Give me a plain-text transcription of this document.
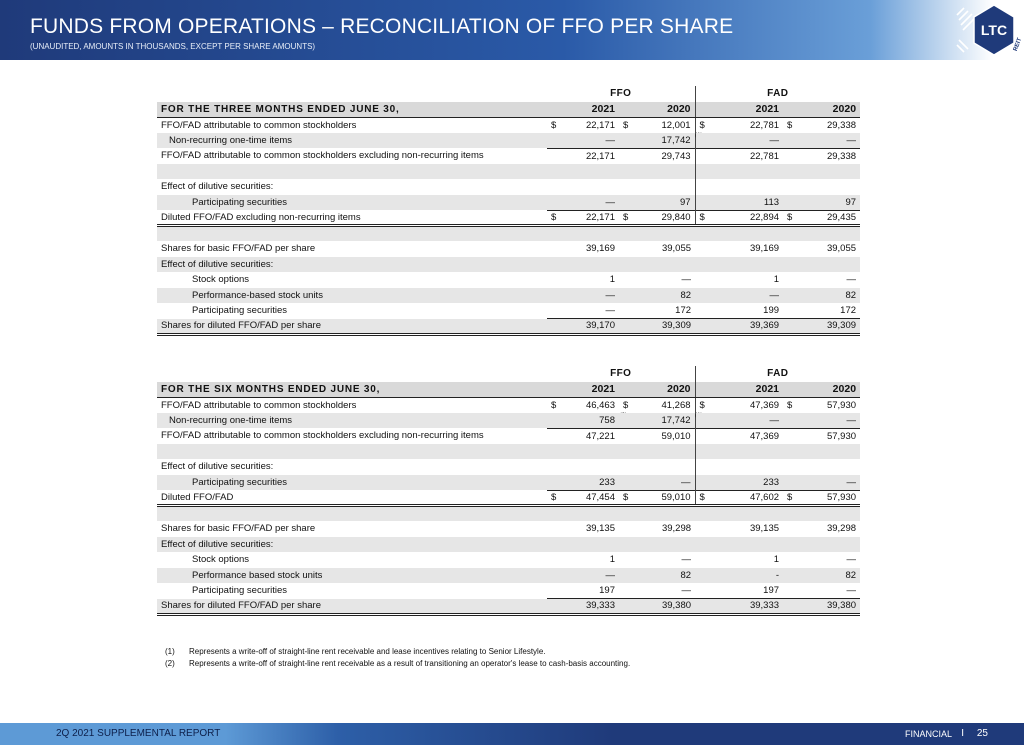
FUNDS FROM OPERATIONS – RECONCILIATION OF FFO PER SHARE
(UNAUDITED, AMOUNTS IN THOUSANDS, EXCEPT PER SHARE AMOUNTS)
LTC
REIT
	FFO		FAD	
FOR THE THREE MONTHS ENDED JUNE 30,	2021	2020	2021	2020
FFO/FAD attributable to common stockholders	$ 22,171	$ 12,001	$ 22,781	$ 29,338
Non-recurring one-time items	—	17,742	—	—
FFO/FAD attributable to common stockholders excluding non-recurring items	22,171	29,743	22,781	29,338

Effect of dilutive securities:				
Participating securities	—	97	113	97
Diluted FFO/FAD excluding non-recurring items	$ 22,171	$ 29,840	$ 22,894	$ 29,435

Shares for basic FFO/FAD per share	39,169	39,055	39,169	39,055
Effect of dilutive securities:				
Stock options	1	—	1	—
Performance-based stock units	—	82	—	82
Participating securities	—	172	199	172
Shares for diluted FFO/FAD per share	39,170	39,309	39,369	39,309
	FFO		FAD	
FOR THE SIX MONTHS ENDED JUNE 30,	2021	2020	2021	2020
FFO/FAD attributable to common stockholders	$ 46,463	$ 41,268	$ 47,369	$ 57,930
Non-recurring one-time items	758	17,742	—	—
FFO/FAD attributable to common stockholders excluding non-recurring items	47,221	59,010	47,369	57,930

Effect of dilutive securities:				
Participating securities	233	—	233	—
Diluted FFO/FAD	$ 47,454	$ 59,010	$ 47,602	$ 57,930

Shares for basic FFO/FAD per share	39,135	39,298	39,135	39,298
Effect of dilutive securities:				
Stock options	1	—	1	—
Performance based stock units	—	82	-	82
Participating securities	197	—	197	—
Shares for diluted FFO/FAD per share	39,333	39,380	39,333	39,380
(1)	Represents a write-off of straight-line rent receivable and lease incentives relating to Senior Lifestyle.
(2)	Represents a write-off of straight-line rent receivable as a result of transitioning an operator's lease to cash-basis accounting.
2Q 2021 SUPPLEMENTAL REPORT	FINANCIAL I 25
